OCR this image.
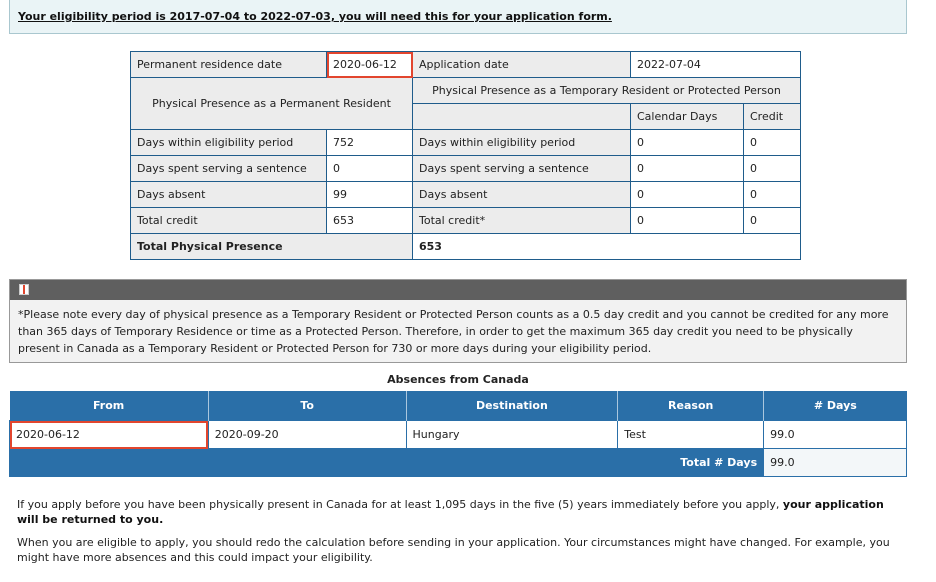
Your eligibility period is 2017-07-04 to 2022-07-03, you will need this for your application form.
Permanent residence date	2020-06-12	Application date	2022-07-04	
Physical Presence as a Permanent Resident		Physical Presence as a Temporary Resident or Protected Person		
			Calendar Days	Credit
Days within eligibility period	752	Days within eligibility period	0	0
Days spent serving a sentence	0	Days spent serving a sentence	0	0
Days absent	99	Days absent	0	0
Total credit	653	Total credit*	0	0
Total Physical Presence		653		

*Please note every day of physical presence as a Temporary Resident or Protected Person counts as a 0.5 day credit and you cannot be credited for any more than 365 days of Temporary Residence or time as a Protected Person. Therefore, in order to get the maximum 365 day credit you need to be physically present in Canada as a Temporary Resident or Protected Person for 730 or more days during your eligibility period.

Absences from Canada
From	To	Destination	Reason	# Days
2020-06-12	2020-09-20	Hungary	Test	99.0
Total # Days				99.0

If you apply before you have been physically present in Canada for at least 1,095 days in the five (5) years immediately before you apply, your application will be returned to you.

When you are eligible to apply, you should redo the calculation before sending in your application. Your circumstances might have changed. For example, you might have more absences and this could impact your eligibility.
